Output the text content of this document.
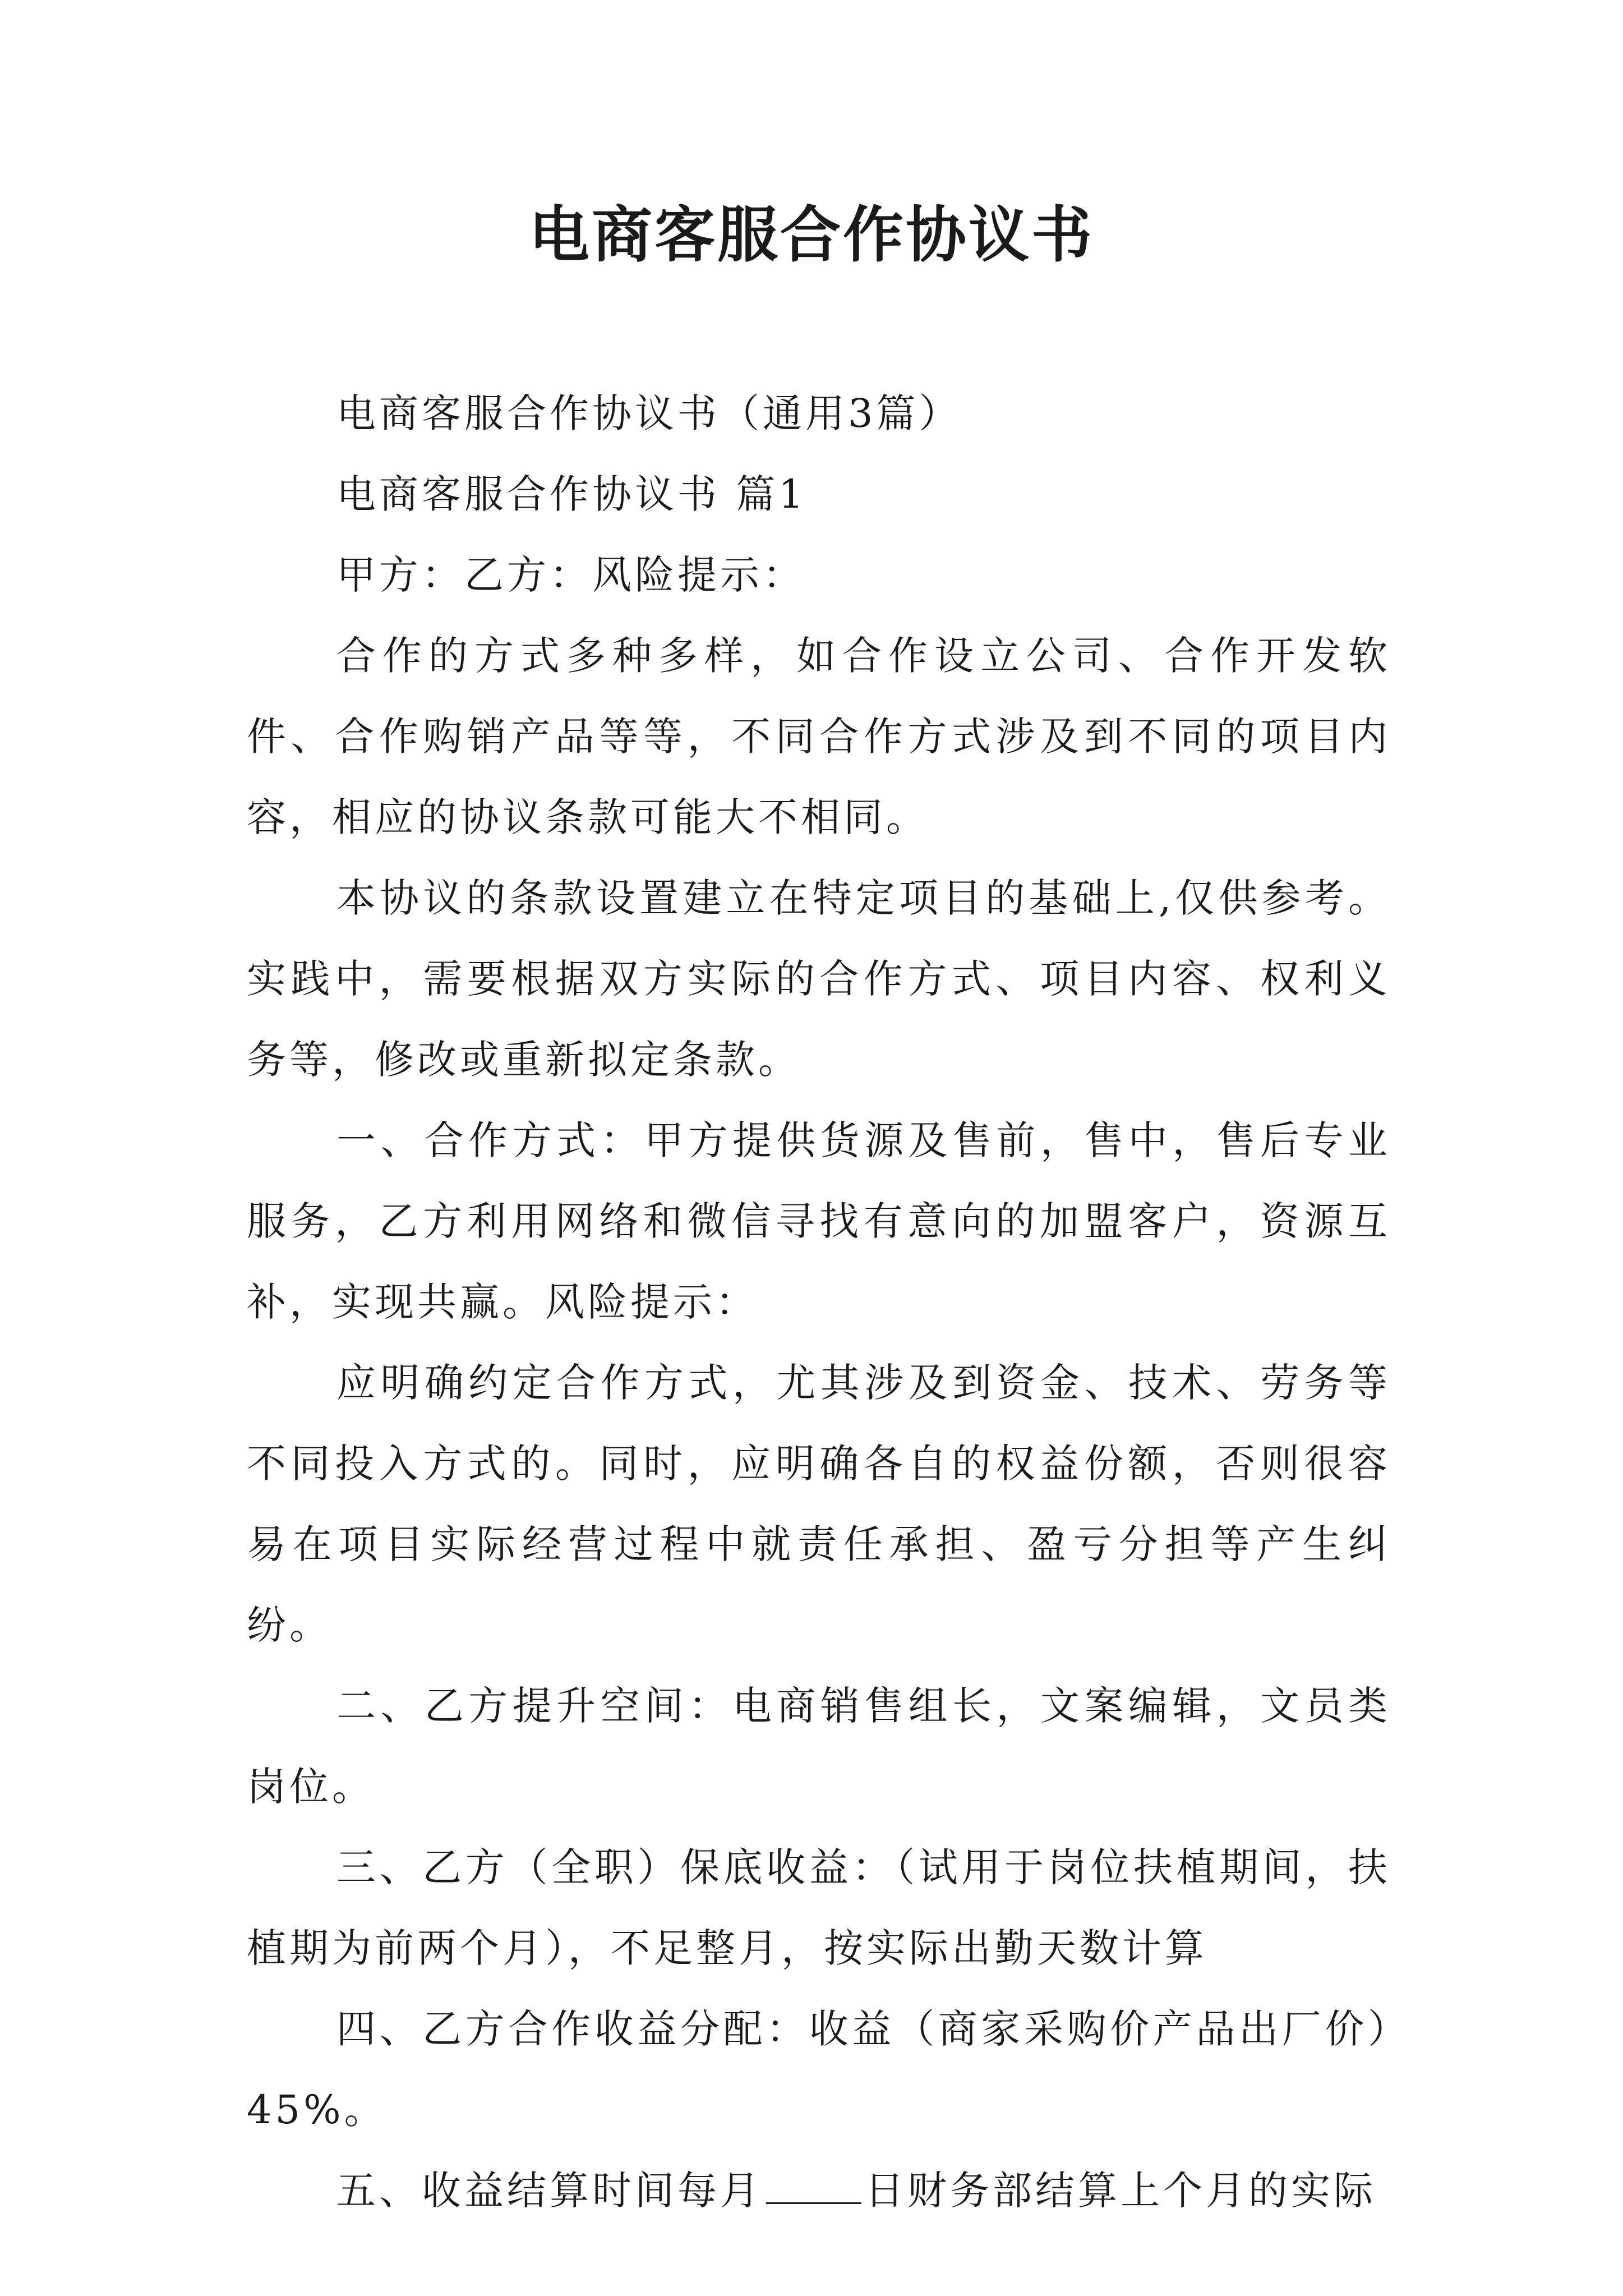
电商客服合作协议书

电商客服合作协议书（通用3篇）

电商客服合作协议书 篇1

甲方：乙方：风险提示：

合作的方式多种多样，如合作设立公司、合作开发软件、合作购销产品等等，不同合作方式涉及到不同的项目内容，相应的协议条款可能大不相同。

本协议的条款设置建立在特定项目的基础上,仅供参考。实践中，需要根据双方实际的合作方式、项目内容、权利义务等，修改或重新拟定条款。

一、合作方式：甲方提供货源及售前，售中，售后专业服务，乙方利用网络和微信寻找有意向的加盟客户，资源互补，实现共赢。风险提示：

应明确约定合作方式，尤其涉及到资金、技术、劳务等不同投入方式的。同时，应明确各自的权益份额，否则很容易在项目实际经营过程中就责任承担、盈亏分担等产生纠纷。

二、乙方提升空间：电商销售组长，文案编辑，文员类岗位。

三、乙方（全职）保底收益：（试用于岗位扶植期间，扶植期为前两个月），不足整月，按实际出勤天数计算

四、乙方合作收益分配：收益（商家采购价产品出厂价）45%。

五、收益结算时间每月	日财务部结算上个月的实际
